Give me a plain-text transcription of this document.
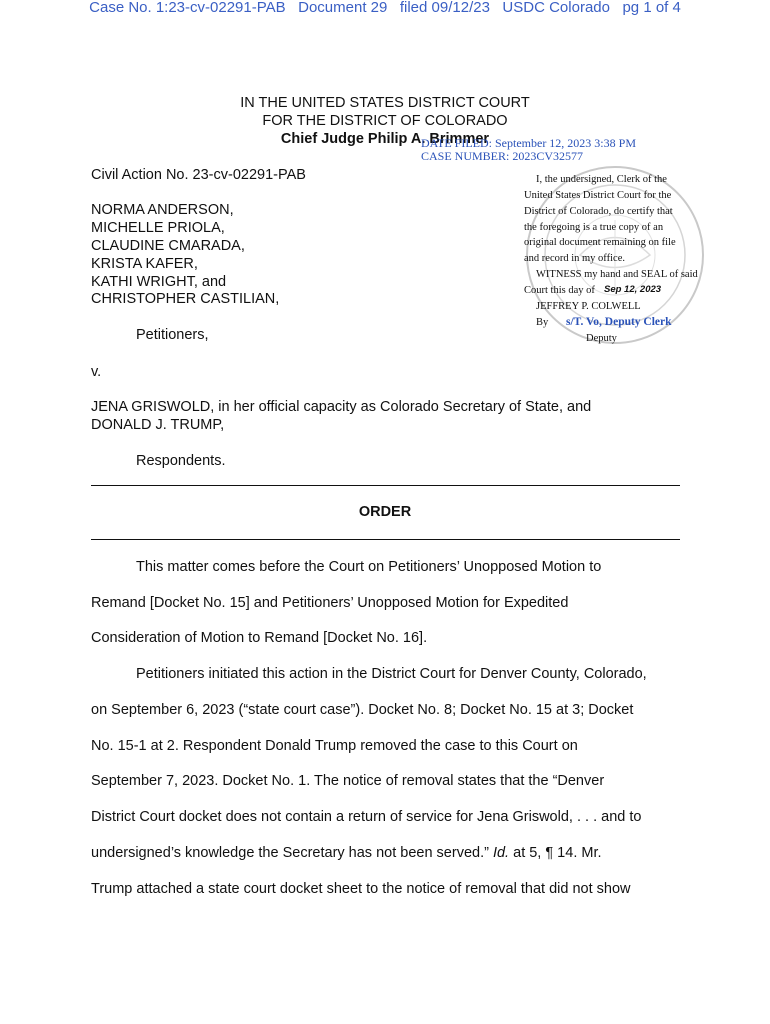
Case No. 1:23-cv-02291-PAB   Document 29   filed 09/12/23   USDC Colorado   pg 1 of 4
IN THE UNITED STATES DISTRICT COURT
FOR THE DISTRICT OF COLORADO
Chief Judge Philip A. Brimmer
DATE FILED: September 12, 2023 3:38 PM
CASE NUMBER: 2023CV32577
I, the undersigned, Clerk of the
United States District Court for the
District of Colorado, do certify that
the foregoing is a true copy of an
original document remaining on file
and record in my office.
WITNESS my hand and SEAL of said
Court this day of Sep 12, 2023
JEFFREY P. COLWELL
By s/T. Vo, Deputy Clerk
Deputy
Civil Action No. 23-cv-02291-PAB
NORMA ANDERSON,
MICHELLE PRIOLA,
CLAUDINE CMARADA,
KRISTA KAFER,
KATHI WRIGHT, and
CHRISTOPHER CASTILIAN,
Petitioners,
v.
JENA GRISWOLD, in her official capacity as Colorado Secretary of State, and
DONALD J. TRUMP,
Respondents.
ORDER
This matter comes before the Court on Petitioners’ Unopposed Motion to
Remand [Docket No. 15] and Petitioners’ Unopposed Motion for Expedited
Consideration of Motion to Remand [Docket No. 16].
Petitioners initiated this action in the District Court for Denver County, Colorado,
on September 6, 2023 (“state court case”). Docket No. 8; Docket No. 15 at 3; Docket
No. 15-1 at 2. Respondent Donald Trump removed the case to this Court on
September 7, 2023. Docket No. 1. The notice of removal states that the “Denver
District Court docket does not contain a return of service for Jena Griswold, . . . and to
undersigned’s knowledge the Secretary has not been served.” Id. at 5, ¶ 14. Mr.
Trump attached a state court docket sheet to the notice of removal that did not show
